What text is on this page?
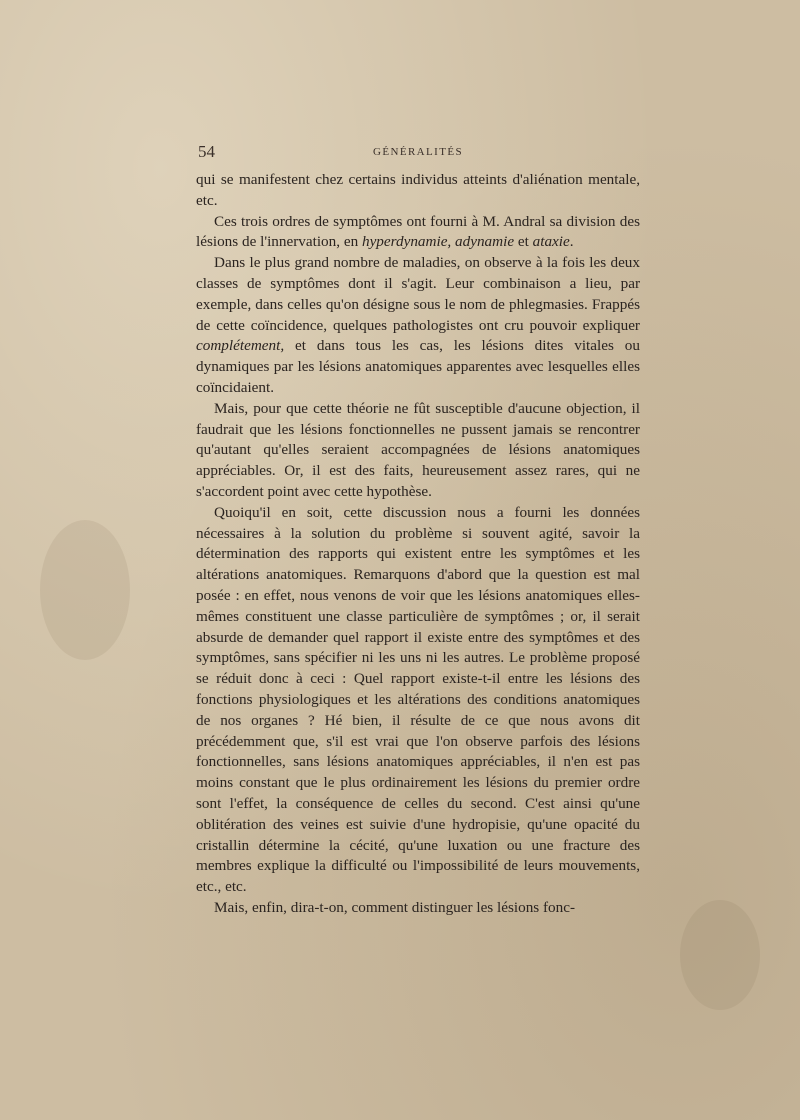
54	GÉNÉRALITÉS

qui se manifestent chez certains individus atteints d'aliénation mentale, etc.

Ces trois ordres de symptômes ont fourni à M. Andral sa division des lésions de l'innervation, en hyperdynamie, adynamie et ataxie.

Dans le plus grand nombre de maladies, on observe à la fois les deux classes de symptômes dont il s'agit. Leur combinaison a lieu, par exemple, dans celles qu'on désigne sous le nom de phlegmasies. Frappés de cette coïncidence, quelques pathologistes ont cru pouvoir expliquer complétement, et dans tous les cas, les lésions dites vitales ou dynamiques par les lésions anatomiques apparentes avec lesquelles elles coïncidaient.

Mais, pour que cette théorie ne fût susceptible d'aucune objection, il faudrait que les lésions fonctionnelles ne pussent jamais se rencontrer qu'autant qu'elles seraient accompagnées de lésions anatomiques appréciables. Or, il est des faits, heureusement assez rares, qui ne s'accordent point avec cette hypothèse.

Quoiqu'il en soit, cette discussion nous a fourni les données nécessaires à la solution du problème si souvent agité, savoir la détermination des rapports qui existent entre les symptômes et les altérations anatomiques. Remarquons d'abord que la question est mal posée : en effet, nous venons de voir que les lésions anatomiques elles-mêmes constituent une classe particulière de symptômes ; or, il serait absurde de demander quel rapport il existe entre des symptômes et des symptômes, sans spécifier ni les uns ni les autres. Le problème proposé se réduit donc à ceci : Quel rapport existe-t-il entre les lésions des fonctions physiologiques et les altérations des conditions anatomiques de nos organes ? Hé bien, il résulte de ce que nous avons dit précédemment que, s'il est vrai que l'on observe parfois des lésions fonctionnelles, sans lésions anatomiques appréciables, il n'en est pas moins constant que le plus ordinairement les lésions du premier ordre sont l'effet, la conséquence de celles du second. C'est ainsi qu'une oblitération des veines est suivie d'une hydropisie, qu'une opacité du cristallin détermine la cécité, qu'une luxation ou une fracture des membres explique la difficulté ou l'impossibilité de leurs mouvements, etc., etc.

Mais, enfin, dira-t-on, comment distinguer les lésions fonc-
